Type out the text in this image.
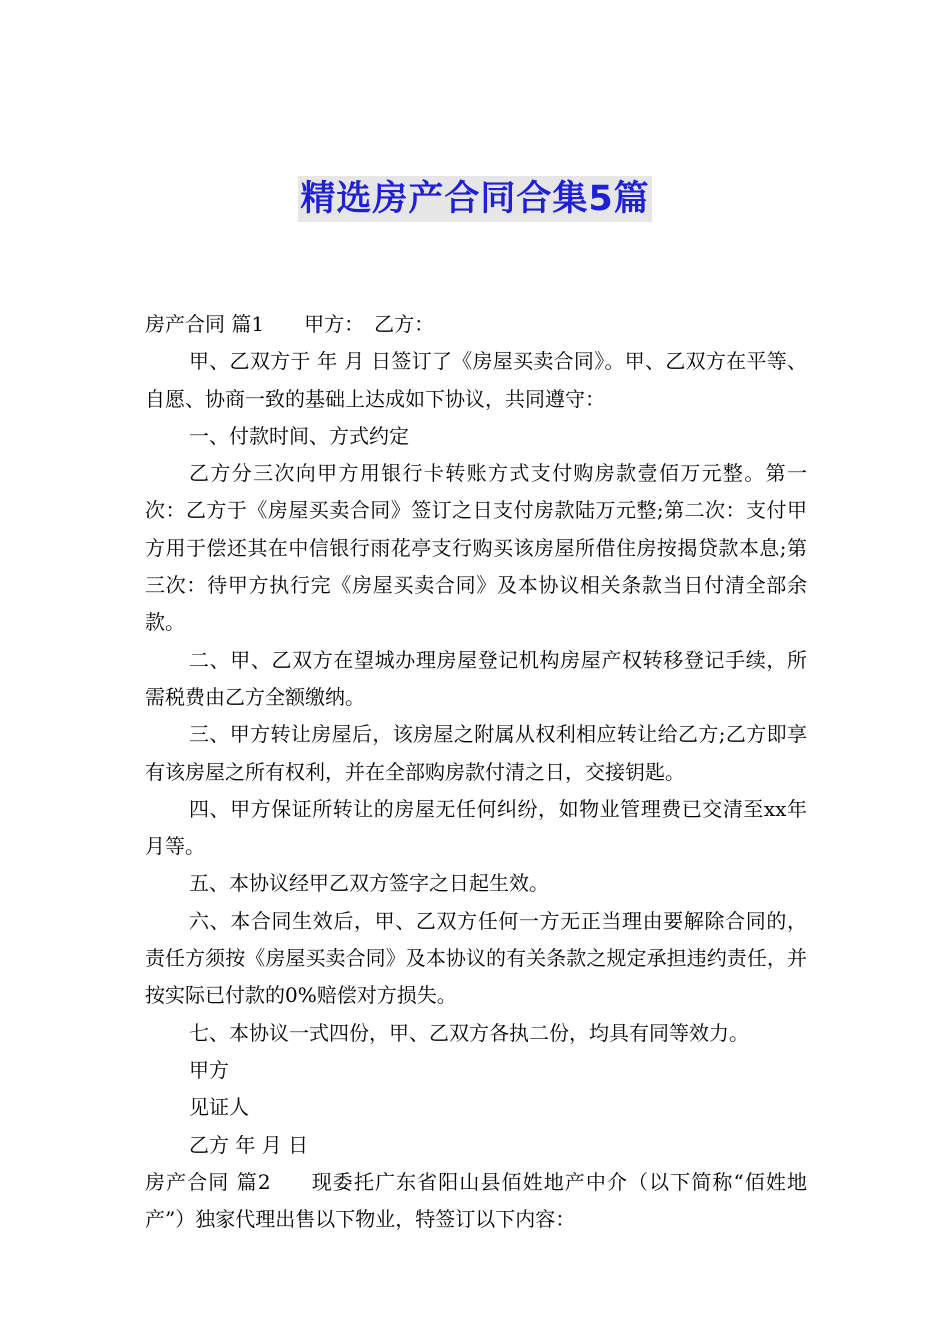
精选房产合同合集5篇

房产合同 篇1 甲方： 乙方：

甲、乙双方于 年 月 日签订了《房屋买卖合同》。甲、乙双方在平等、自愿、协商一致的基础上达成如下协议，共同遵守：

一、付款时间、方式约定

乙方分三次向甲方用银行卡转账方式支付购房款壹佰万元整。第一次：乙方于《房屋买卖合同》签订之日支付房款陆万元整;第二次：支付甲方用于偿还其在中信银行雨花亭支行购买该房屋所借住房按揭贷款本息;第三次：待甲方执行完《房屋买卖合同》及本协议相关条款当日付清全部余款。

二、甲、乙双方在望城办理房屋登记机构房屋产权转移登记手续，所需税费由乙方全额缴纳。

三、甲方转让房屋后，该房屋之附属从权利相应转让给乙方;乙方即享有该房屋之所有权利，并在全部购房款付清之日，交接钥匙。

四、甲方保证所转让的房屋无任何纠纷，如物业管理费已交清至xx年 月等。

五、本协议经甲乙双方签字之日起生效。

六、本合同生效后，甲、乙双方任何一方无正当理由要解除合同的，责任方须按《房屋买卖合同》及本协议的有关条款之规定承担违约责任，并按实际已付款的0%赔偿对方损失。

七、本协议一式四份，甲、乙双方各执二份，均具有同等效力。

甲方

见证人

乙方 年 月 日

房产合同 篇2 现委托广东省阳山县佰姓地产中介（以下简称“佰姓地产”）独家代理出售以下物业，特签订以下内容：
